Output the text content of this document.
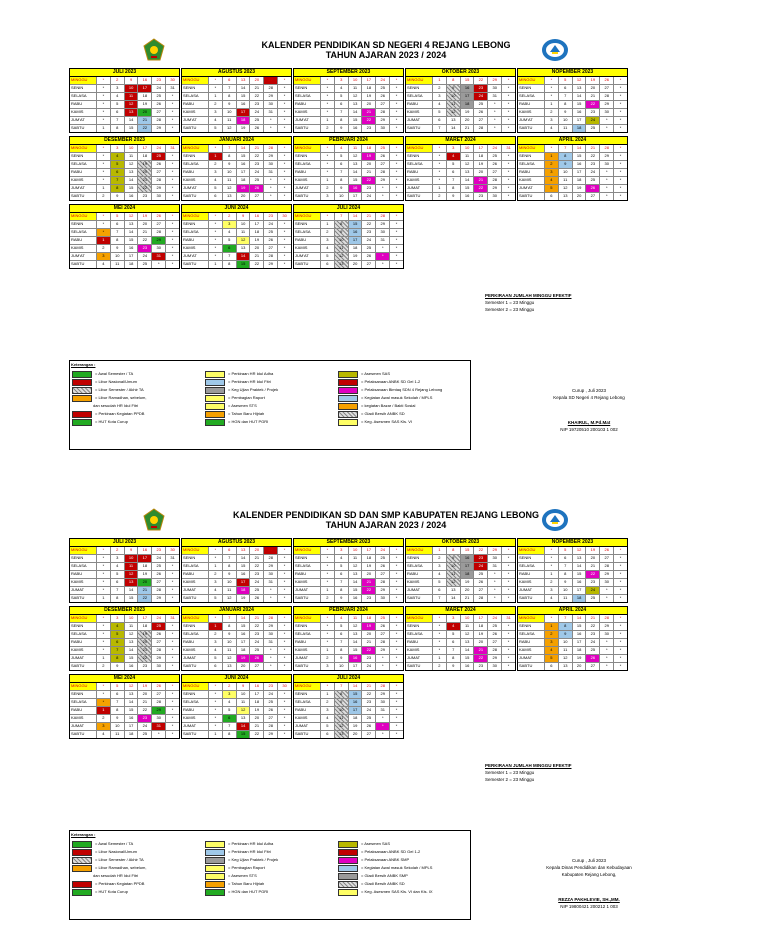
KALENDER PENDIDIKAN SD NEGERI 4 REJANG LEBONG
TAHUN AJARAN 2023 / 2024
JULI 2023
MINGGU	*	2	9	16	23	30
SENIN	*	3	10	17	24	31
SELASA	*	4	11	18	25	*
RABU	*	5	12	19	26	*
KAMIS	*	6	13	20	27	*
JUM'AT	*	7	14	21	28	*
SABTU	1	8	15	22	29	*
AGUSTUS 2023
MINGGU	*	6	13	20	27	*
SENIN	*	7	14	21	28	*
SELASA	1	8	15	22	29	*
RABU	2	9	16	23	30	*
KAMIS	3	10	17	24	31	*
JUM'AT	4	11	18	25	*	*
SABTU	5	12	19	26	*	*
SEPTEMBER 2023
MINGGU	*	3	10	17	24	*
SENIN	*	4	11	18	25	*
SELASA	*	5	12	19	26	*
RABU	*	6	13	20	27	*
KAMIS	*	7	14	21	28	*
JUM'AT	1	8	15	22	29	*
SABTU	2	9	16	23	30	*
OKTOBER 2023
MINGGU	1	8	15	22	29	*
SENIN	2	9	16	23	30	*
SELASA	3	10	17	24	31	*
RABU	4	11	18	25	*	*
KAMIS	5	12	19	26	*	*
JUMAT	6	13	20	27	*	*
SABTU	7	14	21	28	*	*
NOPEMBER 2023
MINGGU	*	5	12	19	26	*
SENIN	*	6	13	20	27	*
SELASA	*	7	14	21	28	*
RABU	1	8	15	22	29	*
KAMIS	2	9	16	23	30	*
JUM'AT	3	10	17	24	*	*
SABTU	4	11	18	25	*	*
DESEMBER 2023
MINGGU	*	3	10	17	24	31
SENIN	*	4	11	18	25	*
SELASA	*	5	12	19	26	*
RABU	*	6	13	20	27	*
KAMIS	*	7	14	21	28	*
JUM'AT	1	8	15	22	29	*
SABTU	2	9	16	23	30	*
JANUARI 2024
MINGGU	*	7	14	21	28	*
SENIN	1	8	15	22	29	*
SELASA	2	9	16	23	30	*
RABU	3	10	17	24	31	*
KAMIS	4	11	18	25	*	*
JUM'AT	5	12	19	26	*	*
SABTU	6	13	20	27	*	*
PEBRUARI 2024
MINGGU	*	4	11	18	25	*
SENIN	*	5	12	19	26	*
SELASA	*	6	13	20	27	*
RABU	*	7	14	21	28	*
KAMIS	1	8	15	22	29	*
JUM'AT	2	9	16	23	*	*
SABTU	3	10	17	24	*	*
MARET 2024
MINGGU	*	3	10	17	24	31
SENIN	*	4	11	18	25	*
SELASA	*	5	12	19	26	*
RABU	*	6	13	20	27	*
KAMIS	*	7	14	21	28	*
JUMAT	1	8	15	22	29	*
SABTU	2	9	16	23	30	*
APRIL 2024
MINGGU	*	7	14	21	28	*
SENIN	1	8	15	22	29	*
SELASA	2	9	16	23	30	*
RABU	3	10	17	24	*	*
KAMIS	4	11	18	25	*	*
JUM'AT	5	12	19	26	*	*
SABTU	6	13	20	27	*	*
MEI 2024
MINGGU	*	5	12	19	26	*
SENIN	*	6	13	20	27	*
SELASA	*	7	14	21	28	*
RABU	1	8	15	22	29	*
KAMIS	2	9	16	23	30	*
JUM'AT	3	10	17	24	31	*
SABTU	4	11	18	25	*	*
JUNI 2024
MINGGU	*	2	9	16	23	30
SENIN	*	3	10	17	24	*
SELASA	*	4	11	18	25	*
RABU	*	5	12	19	26	*
KAMIS	*	6	13	20	27	*
JUM'AT	*	7	14	21	28	*
SABTU	1	8	15	22	29	*
JULI 2024
MINGGU	*	7	14	21	28	*
SENIN	1	8	15	22	29	*
SELASA	2	9	16	23	30	*
RABU	3	10	17	24	31	*
KAMIS	4	11	18	25	*	*
JUM'AT	5	12	19	26	*	*
SABTU	6	13	20	27	*	*
PERKIRAAN JUMLAH MINGGU EFEKTIF
Semester 1 = 23 Minggu
Semester 2 = 23 Minggu
Keterangan :
= Awal Semester / TA
= Libur Nasional/Umum
= Libur Semester / Akhir TA
= Libur Ramadhan, sebelum,
dan sesudah HR Idul Fitri
= Perkiraan Kegiatan PPDB
= HUT Kota Curup
= Perkiraan HR Idul Adha
= Perkiraan HR Idul Fitri
= Keg Ujian Praktek / Projek
= Pembagian Raport
= Asesmen STS
= Tahun Baru Hijriah
= HGN dan HUT PGRI
= Asesmen SAS
= Pelaksanaan ANBK SD Gel 1-2
= Pelaksanaan Bimtaq SDN 4 Rejang Lebong
= Kegiatan Awal masuk Sekolah / MPLS
= kegiatan Bazar / Bakti Sosial
= Gladi Bersih ANBK SD
= Keg. Asesmen SAS Kls. VI
Curup , Juli 2023
Kepala SD Negeri 4 Rejang Lebong
KHAIRUL, M.Pd.Mat
NIP 19720510 200103 1 002
KALENDER PENDIDIKAN SD DAN SMP KABUPATEN REJANG LEBONG
TAHUN AJARAN 2023 / 2024
JULI 2023
MINGGU	*	2	9	16	23	30
SENIN	*	3	10	17	24	31
SELASA	*	4	11	18	25	*
RABU	*	5	12	19	26	*
KAMIS	*	6	13	20	27	*
JUMAT	*	7	14	21	28	*
SABTU	1	8	15	22	29	*
AGUSTUS 2023
MINGGU	*	6	13	20	27	*
SENIN	*	7	14	21	28	*
SELASA	1	8	15	22	29	*
RABU	2	9	16	23	30	*
KAMIS	3	10	17	24	31	*
JUMAT	4	11	18	25	*	*
SABTU	5	12	19	26	*	*
SEPTEMBER 2023
MINGGU	*	3	10	17	24	*
SENIN	*	4	11	18	25	*
SELASA	*	5	12	19	26	*
RABU	*	6	13	20	27	*
KAMIS	*	7	14	21	28	*
JUMAT	1	8	15	22	29	*
SABTU	2	9	16	23	30	*
OKTOBER 2023
MINGGU	1	8	15	22	29	*
SENIN	2	9	16	23	30	*
SELASA	3	10	17	24	31	*
RABU	4	11	18	25	*	*
KAMIS	5	12	19	26	*	*
JUMAT	6	13	20	27	*	*
SABTU	7	14	21	28	*	*
NOPEMBER 2023
MINGGU	*	5	12	19	26	*
SENIN	*	6	13	20	27	*
SELASA	*	7	14	21	28	*
RABU	1	8	15	22	29	*
KAMIS	2	9	16	23	30	*
JUMAT	3	10	17	24	*	*
SABTU	4	11	18	25	*	*
DESEMBER 2023
MINGGU	*	3	10	17	24	31
SENIN	*	4	11	18	25	*
SELASA	*	5	12	19	26	*
RABU	*	6	13	20	27	*
KAMIS	*	7	14	21	28	*
JUMAT	1	8	15	22	29	*
SABTU	2	9	16	23	30	*
JANUARI 2024
MINGGU	*	7	14	21	28	*
SENIN	1	8	15	22	29	*
SELASA	2	9	16	23	30	*
RABU	3	10	17	24	31	*
KAMIS	4	11	18	25	*	*
JUMAT	5	12	19	26	*	*
SABTU	6	13	20	27	*	*
PEBRUARI 2024
MINGGU	*	4	11	18	25	*
SENIN	*	5	12	19	26	*
SELASA	*	6	13	20	27	*
RABU	*	7	14	21	28	*
KAMIS	1	8	15	22	29	*
JUMAT	2	9	16	23	*	*
SABTU	3	10	17	24	*	*
MARET 2024
MINGGU	*	3	10	17	24	31
SENIN	*	4	11	18	25	*
SELASA	*	5	12	19	26	*
RABU	*	6	13	20	27	*
KAMIS	*	7	14	21	28	*
JUMAT	1	8	15	22	29	*
SABTU	2	9	16	23	30	*
APRIL 2024
MINGGU	*	7	14	21	28	*
SENIN	1	8	15	22	29	*
SELASA	2	9	16	23	30	*
RABU	3	10	17	24	*	*
KAMIS	4	11	18	25	*	*
JUMAT	5	12	19	26	*	*
SABTU	6	13	20	27	*	*
MEI 2024
MINGGU	*	5	12	19	26	*
SENIN	*	6	13	20	27	*
SELASA	*	7	14	21	28	*
RABU	1	8	15	22	29	*
KAMIS	2	9	16	23	30	*
JUMAT	3	10	17	24	31	*
SABTU	4	11	18	25	*	*
JUNI 2024
MINGGU	*	2	9	16	23	30
SENIN	*	3	10	17	24	*
SELASA	*	4	11	18	25	*
RABU	*	5	12	19	26	*
KAMIS	*	6	13	20	27	*
JUMAT	*	7	14	21	28	*
SABTU	1	8	15	22	29	*
JULI 2024
MINGGU	*	7	14	21	28	*
SENIN	1	8	15	22	29	*
SELASA	2	9	16	23	30	*
RABU	3	10	17	24	31	*
KAMIS	4	11	18	25	*	*
JUMAT	5	12	19	26	*	*
SABTU	6	13	20	27	*	*
PERKIRAAN JUMLAH MINGGU EFEKTIF
Semester 1 = 23 Minggu
Semester 2 = 23 Minggu
Keterangan :
= Awal Semester / TA
= Libur Nasional/Umum
= Libur Semester / Akhir TA
= Libur Ramadhan, sebelum,
dan sesudah HR Idul Fitri
= Perkiraan Kegiatan PPDB
= HUT Kota Curup
= Perkiraan HR Idul Adha
= Perkiraan HR Idul Fitri
= Keg Ujian Praktek / Projek
= Pembagian Raport
= Asesmen STS
= Tahun Baru Hijriah
= HGN dan HUT PGRI
= Asesmen SAS
= Pelaksanaan ANBK SD Gel 1-2
= Pelaksanaan ANBK SMP
= Kegiatan Awal masuk Sekolah / MPLS
= Gladi Bersih ANBK SMP
= Gladi Bersih ANBK SD
= Keg. Asesmen SAS Kls. VI dan Kls. IX
Curup , Juli 2023
Kepala Dinas Pendidikan dan Kebudayaan
Kabupaten Rejang Lebong,
REZZA PAKHLEVIE, SH.,MM.
NIP 19800421 200212 1 003
